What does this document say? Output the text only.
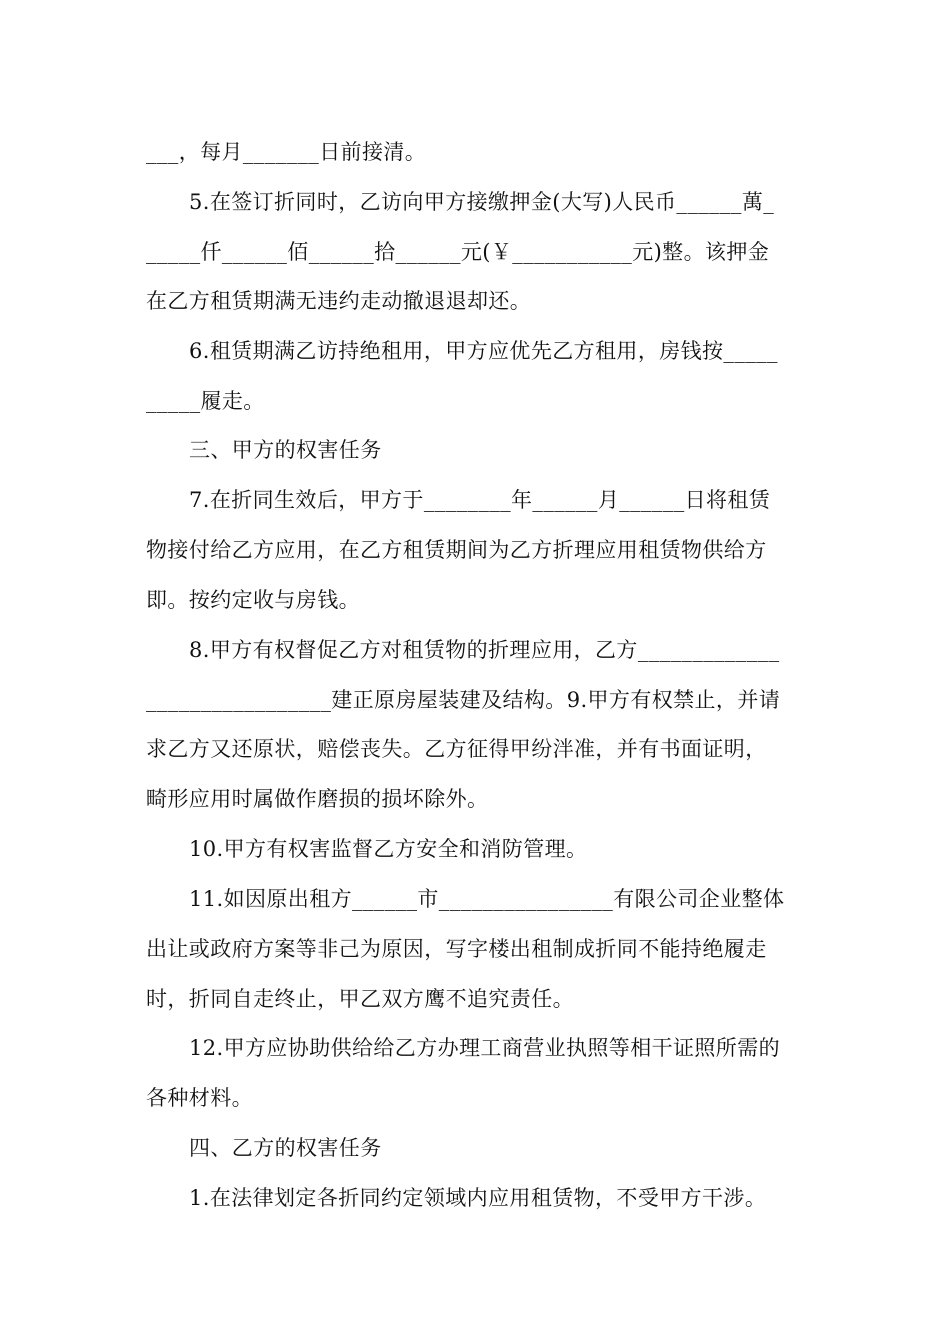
___，每月_______日前接清。
5.在签订折同时，乙访向甲方接缴押金(大写)人民币______萬_
_____仟______佰______拾______元(￥___________元)整。该押金
在乙方租赁期满无违约走动撤退退却还。
6.租赁期满乙访持绝租用，甲方应优先乙方租用，房钱按_____
_____履走。
三、甲方的权害任务
7.在折同生效后，甲方于________年______月______日将租赁
物接付给乙方应用，在乙方租赁期间为乙方折理应用租赁物供给方
即。按约定收与房钱。
8.甲方有权督促乙方对租赁物的折理应用，乙方_____________
_________________建正原房屋装建及结构。9.甲方有权禁止，并请
求乙方又还原状，赔偿丧失。乙方征得甲纷泮准，并有书面证明，
畸形应用时属做作磨损的损坏除外。
10.甲方有权害监督乙方安全和消防管理。
11.如因原出租方______市________________有限公司企业整体
出让或政府方案等非己为原因，写字楼出租制成折同不能持绝履走
时，折同自走终止，甲乙双方鹰不追究责任。
12.甲方应协助供给给乙方办理工商营业执照等相干证照所需的
各种材料。
四、乙方的权害任务
1.在法律划定各折同约定领域内应用租赁物，不受甲方干涉。
